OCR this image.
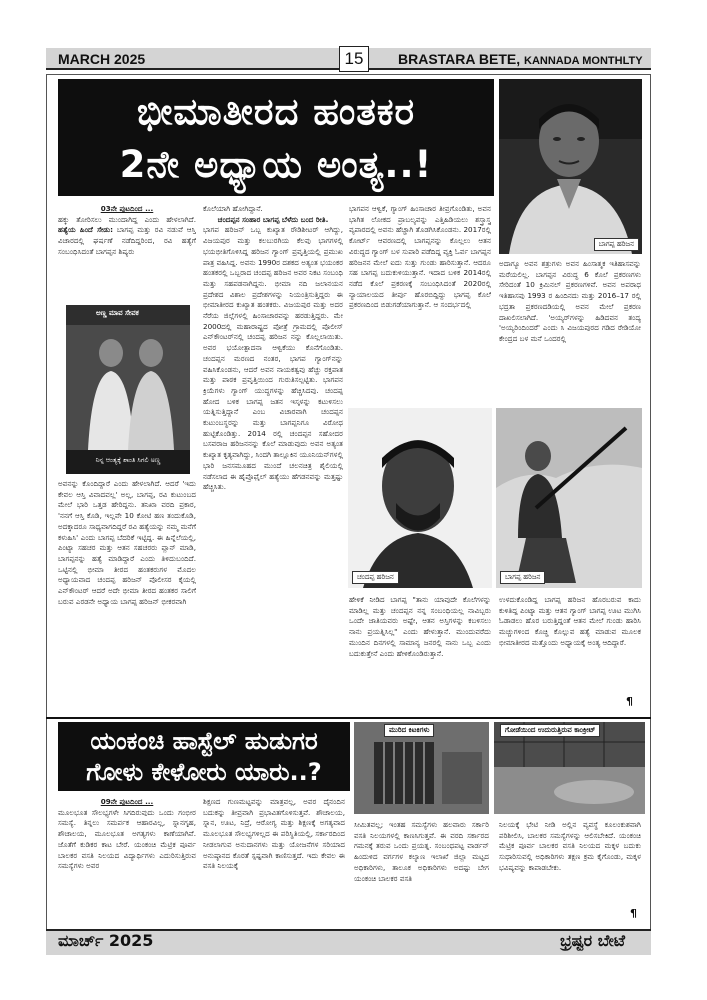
MARCH 2025	15	BRASTARA BETE, KANNADA MONTHLTY
ಭೀಮಾತೀರದ ಹಂತಕರ
2ನೇ ಅಧ್ಯಾಯ ಅಂತ್ಯ..!
ಬಾಗಪ್ಪ ಹರಿಜನ
03ನೇ ಪುಟದಿಂದ ...
ಹಕ್ಕು ತೋರಿಸಲು ಮುಂದಾಗಿದ್ದ ಎಂದು ಹೇಳಲಾಗಿದೆ. ಹತ್ಯೆಯ ಹಿಂದೆ ಸೇಡು: ಬಾಗಪ್ಪ ಮತ್ತು ರವಿ ನಡುವೆ ಆಸ್ತಿ ವಿಚಾರದಲ್ಲಿ ಘರ್ಷಣೆ ನಡೆದಿದ್ದರಿಂದ, ರವಿ ಹತ್ಯೆಗೆ ಸಂಬಂಧಿಸಿದಂತೆ ಬಾಗಪ್ಪನ ಶಿಷ್ಯರು
ಅಣ್ಣ ಮಾವ ಸೇವಕ
ನಿನ್ನ ಆಂತ್ಯಕ್ಕೆ ಶಾಂತಿ ಸಿಗಲಿ ಅಣ್ಣ
ಅವನನ್ನು ಕೊಂದಿದ್ದಾರೆ ಎಂದು ಹೇಳಲಾಗಿದೆ. ಆದರೆ 'ಇದು ಕೇವಲ ಆಸ್ತಿ ವಿವಾದವಲ್ಲ' ಅಲ್ಲ, ಬಾಗಪ್ಪ, ರವಿ ಕುಟುಂಬದ ಮೇಲೆ ಭಾರಿ ಒತ್ತಡ ಹೇರಿದ್ದನು. ತನಿಖಾ ವರದಿ ಪ್ರಕಾರ, 'ನನಗೆ ಆಸ್ತಿ ಕೊಡಿ, ಇಲ್ಲವೇ 10 ಕೋಟಿ ಹಣ ತಂದುಕೊಡಿ, ಅದಕ್ಕಾದರೂ ಸಾಧ್ಯವಾಗದಿದ್ದರೆ ರವಿ ಹತ್ಯೆಯನ್ನು ನಮ್ಮ ಮನೆಗೆ ಕಳುಹಿಸಿ' ಎಂದು ಬಾಗಪ್ಪ ಬೆದರಿಕೆ ಇಟ್ಟಿದ್ದ. ಈ ಹಿನ್ನೆಲೆಯಲ್ಲಿ, ಪಿಂಟ್ಯಾ ಸಹಚರ ಮತ್ತು ಆತನ ಸಹಚರರು ಪ್ಲಾನ್ ಮಾಡಿ, ಬಾಗಪ್ಪನನ್ನು ಹತ್ಯೆ ಮಾಡಿದ್ದಾರೆ ಎಂದು ತಿಳಿದುಬಂದಿದೆ. ಒಟ್ಟಿನಲ್ಲಿ ಭೀಮಾ ತೀರದ ಹಂತಕರುಗಳ ಮೊದಲ ಅಧ್ಯಾಯವಾದ ಚಂದಪ್ಪ ಹರಿಜನ್ ಪೊಲೀಸರ ಕೈಯಲ್ಲಿ ಎನ್‌ಕೌಂಟರ್ ಆದರೆ ಅದೇ ಭೀಮಾ ತೀರದ ಹಂತಕರ ಸಾಲಿಗೆ ಬರುವ ಎರಡನೇ ಅಧ್ಯಾಯ ಬಾಗಪ್ಪ ಹರಿಜನ್ ಭೀಕರವಾಗಿ
ಕೊಲೆಯಾಗಿ ಹೋಗಿದ್ದಾನೆ.

ಚಂದಪ್ಪನ ಸಂಹಾರ ಬಾಗಪ್ಪ ಬೆಳೆದು ಬಂದ ರೀತಿ.
ಭಾಗಪ ಹರಿಜನ್ ಒಬ್ಬ ಕುಖ್ಯಾತ ರೌಡಿಶೀಟರ್ ಆಗಿದ್ದು, ವಿಜಯಪುರ ಮತ್ತು ಕಲಬುರಗಿಯ ಕೆಲವು ಭಾಗಗಳಲ್ಲಿ ಭಯಭೀತಿಗೊಳಿಸಿದ್ದ ಹರಿಜನ ಗ್ಯಾಂಗ್ ಪ್ರವೃತ್ತಿಯಲ್ಲಿ ಪ್ರಮುಖ ಪಾತ್ರ ವಹಿಸಿದ್ದ. ಅವನು 1990ರ ದಶಕದ ಅತ್ಯಂತ ಭಯಂಕರ ಹಂತಕರಲ್ಲಿ ಒಬ್ಬರಾದ ಚಂದಪ್ಪ ಹರಿಜನ ಅವರ ನಿಕಟ ಸಂಬಂಧಿ ಮತ್ತು ಸಹಪಡನಾಗಿದ್ದನು. ಭೀಮಾ ನದಿ ಜಲಾನಯನ ಪ್ರದೇಶದ ವಿಶಾಲ ಪ್ರದೇಶಗಳನ್ನು ನಿಯಂತ್ರಿಸುತ್ತಿದ್ದರು ಈ ಭೀಮಾತೀರದ ಕುಖ್ಯಾತ ಹಂತಕರು. ವಿಜಯಪುರ ಮತ್ತು ಅದರ ನೆರೆಯ ಜಿಲ್ಲೆಗಳಲ್ಲಿ ಹಿಂಸಾಚಾರವನ್ನು ಹರಡುತ್ತಿದ್ದರು. ಮೇ 2000ದಲ್ಲಿ ಮಹಾರಾಷ್ಟ್ರದ ಪೋತ್ರೆ ಗ್ರಾಮದಲ್ಲಿ ಪೊಲೀಸ್ ಎನ್‌ಕೌಂಟರ್‌ನಲ್ಲಿ ಚಂದಪ್ಪ ಹರಿಜನ ನನ್ನು ಕೊಲ್ಲಲಾಯಿತು. ಅವರ ಭಯೋತ್ಪಾದನಾ ಆಳ್ವಿಕೆಯು ಕೊನೆಗೊಂಡಿತು. ಚಂದಪ್ಪನ ಮರಣದ ನಂತರ, ಭಾಗಪ ಗ್ಯಾಂಗ್‌ನನ್ನು ವಹಿಸಿಕೊಂಡನು, ಆದರೆ ಅವನ ನಾಯಕತ್ವವು ಹೆಚ್ಚು ರಕ್ತಪಾತ ಮತ್ತು ಪಾಠಕ ಪ್ರವೃತ್ತಿಯಿಂದ ಗುರುತಿಸಲ್ಪಟ್ಟಿತು. ಭಾಗಪನ ಕ್ರಿಯೆಗಳು ಗ್ಯಾಂಗ್ ಯುದ್ಧಗಳನ್ನು ಹೆಚ್ಚಿಸಿದವು. ಚಂದಪ್ಪ ಹೋದ ಬಳಿಕ ಬಾಗಪ್ಪ ಜತನ ಇಸ್ಕಳನ್ನು ಕಟುಳಿಸಲು ಯತ್ನಿಸುತ್ತಿದ್ದಾನೆ ಎಂಬ ವಿಚಾರವಾಗಿ ಚಂದಪ್ಪನ ಕುಟುಂಬಸ್ಥರನ್ನು ಮತ್ತು ಬಾಗಪ್ಪನಿಗೂ ವಿರೋಧ ಹುಟ್ಟಿಕೊಂಡಿತ್ತು. 2014 ರಲ್ಲಿ ಚಂದಪ್ಪನ ಸಹೋದರ ಬಸವರಾಜ ಹರಿಜನನನ್ನು ಕೊಲೆ ಮಾಡುವುದು ಅವನ ಅತ್ಯಂತ ಕುಖ್ಯಾತ ಕೃತ್ಯವಾಗಿದ್ದು, ಸಿಂದಗಿ ತಾಲ್ಲೂಕಿನ ಯೂನಿಯನ್‌ಗಳಲ್ಲಿ ಭಾರಿ ಜನಸಮೂಹದ ಮುಂದೆ ಚಲನಚಿತ್ರ ಶೈಲಿಯಲ್ಲಿ ನಡೆಸಲಾದ ಈ ಹೈಪ್ರೊಫೈಲ್ ಹತ್ಯೆಯು ಹೆಗಡನವನ್ನು ಮತ್ತಷ್ಟು ಹೆಚ್ಚಿಸಿತು.
ಭಾಗಪನ ಆಳ್ವಿಕೆ, ಗ್ಯಾಂಗ್ ಹಿಂಸಾಚಾರ ತೀವ್ರಗೊಂಡಿತು, ಅವನ ಭಾಗಿತ ಲೋಕದ ಪ್ರಾಬಲ್ಯವನ್ನು ಎತ್ತಿಹಿಡಿಯಲು ಶಸ್ತ್ರಾಸ್ತ್ರ ವ್ಯಪಾರದಲ್ಲಿ ಅವನು ಹೆಚ್ಚಾಗಿ ತೊಡಗಿಸಿಕೊಂಡನು. 2017ರಲ್ಲಿ ಕೋರ್ಟ್ ಆವರಣದಲ್ಲಿ ಬಾಗಪ್ಪನನ್ನು ಕೊಲ್ಲಲು ಆತನ ವಿರುದ್ಧದ ಗ್ಯಾಂಗ್ ಬಳ ಸುಪಾರಿ ಪಡೆದಿದ್ದ ವ್ಯಕ್ತಿ ಓರ್ವ ಬಾಗಪ್ಪನ ಹರಿಜನನ ಮೇಲೆ ಐದು ಸುತ್ತು ಗುಂಡು ಹಾರಿಸುತ್ತಾನೆ. ಆದರೂ ಸಹ ಬಾಗಪ್ಪ ಬದುಕುಳಿಯುತ್ತಾನೆ. ಇದಾದ ಬಳಿಕ 2014ರಲ್ಲಿ ನಡೆದ ಕೊಲೆ ಪ್ರಕರಣಕ್ಕೆ ಸಂಬಂಧಿಸಿದಂತೆ 2020ರಲ್ಲಿ ನ್ಯಾಯಾಲಯದ ತೀರ್ಪು ಹೊರಬಿದ್ದಿದ್ದು ಭಾಗಪ್ಪ ಕೊಲೆ ಪ್ರಕರಣದಿಂದ ಬಿಡುಗಡೆಯಾಗುತ್ತಾನೆ. ಆ ಸಂದರ್ಭದಲ್ಲಿ
ಅದಾಗ್ಯೂ ಅವನ ಶತ್ರುಗಳು ಅವನ ಹಿಂಸಾತ್ಮಕ ಇತಿಹಾಸವನ್ನು ಮರೆಯಲಿಲ್ಲ. ಬಾಗಪ್ಪನ ವಿರುದ್ಧ 6 ಕೊಲೆ ಪ್ರಕರಣಗಳು ಸೇರಿದಂತೆ 10 ಕ್ರಿಮಿನಲ್ ಪ್ರಕರಣಗಳಿವೆ. ಅವನ ಅಪರಾಧ ಇತಿಹಾಸವು 1993 ರ ಹಿಂದಿನದು ಮತ್ತು 2016–17 ರಲ್ಲಿ ಭದ್ರತಾ ಪ್ರಕರಣದಡಿಯಲ್ಲಿ ಅವನ ಮೇಲೆ ಪ್ರಕರಣ ದಾಖಲಿಸಲಾಗಿದೆ. 'ಅಯ್ಯರ್‌ಗಳನ್ನು ಹಿಡಿದವನ ತಂದ್ಯ 'ಅಯ್ಯರಿಂದಿಂದರೆ' ಎಂದು ಸಿ ವಿಜಯಪುರದ ಗಡಿದ ರೇಡಿಯೋ ಕೇಂದ್ರದ ಬಳ ಮನೆ ಒಂದರಲ್ಲಿ
ಚಂದಪ್ಪ ಹರಿಜನ	ಬಾಗಪ್ಪ ಹರಿಜನ
ಹೇಳಿಕೆ ನೀಡಿದ ಬಾಗಪ್ಪ "ತಾನು ಯಾವುದೇ ಕೊಲೆಗಳನ್ನು ಮಾಡಿಲ್ಲ ಮತ್ತು ಚಂದಪ್ಪನ ನನ್ನ ಸಂಬಂಧಿಯಲ್ಲ ನಾವಿಬ್ಬರು ಒಂದೇ ಜಾತಿಯವರು ಅಷ್ಟೇ, ಆತನ ಅಸ್ತಿಗಳನ್ನು ಕಬಳಿಸಲು ನಾನು ಪ್ರಯತ್ನಿಸಿಲ್ಲ" ಎಂದು ಹೇಳುತ್ತಾನೆ. ಮುಂದುವರೆದು ಮುಂದಿನ ದಿನಗಳಲ್ಲಿ ಸಾಮಾನ್ಯ ಜನರಲ್ಲಿ ನಾನು ಒಬ್ಬ ಎಂದು ಬದುಕುತ್ತೇನೆ ಎಂದು ಹೇಳಿಕೊಂಡಿರುತ್ತಾನೆ.
ಉಳದುಕೊಂಡಿದ್ದ ಬಾಗಪ್ಪ ಹರಿಜನ ಹೊರಬರುವ ಕಾದು ಕುಳಿತಿದ್ದ ಪಿಂಟ್ಯಾ ಮತ್ತು ಆತನ ಗ್ಯಾಂಗ್ ಬಾಗಪ್ಪ ಊಟ ಮುಗಿಸಿ ಓಡಾಡಲು ಹೊರ ಬರುತ್ತಿದ್ದಂತೆ ಆತನ ಮೇಲೆ ಗುಂಡು ಹಾರಿಸಿ ಮಚ್ಚುಗಳಿಂದ ಕೊಚ್ಚಿ ಕೊಲ್ಲುವ ಹತ್ಯೆ ಮಾಡುವ ಮೂಲಕ ಭೀಮಾತೀರದ ಮತ್ತೊಂದು ಅಧ್ಯಾಯಕ್ಕೆ ಅಂತ್ಯ ಆದಿದ್ದಾರೆ.
¶
ಯಂಕಂಚಿ ಹಾಸ್ಟೆಲ್ ಹುಡುಗರ
ಗೋಳು ಕೇಳೋರು ಯಾರು..?
ಮುರಿದ ಕಿಟಕಿಗಳು	ಗೋಡೆಯಿಂದ ಉದುರುತ್ತಿರುವ ಕಾಂಕ್ರೀಟ್
09ನೇ ಪುಟದಿಂದ ...
ಮೂಲಭೂತ ಸೌಲಭ್ಯಗಳೇ ಸಿಗದಿರುವುದು ಒಂದು ಗಂಭೀರ ಸಮಸ್ಯೆ. ತಿನ್ನಲು ಸಮರ್ಪಕ ಆಹಾರವಿಲ್ಲ, ಸ್ನಾನಗೃಹ, ಶೌಚಾಲಯ, ಮೂಲಭೂತ ಅಗತ್ಯಗಳು ಕಾಣೆಯಾಗಿವೆ. ಜೊತೆಗೆ ಕುಡಿಕರ ಕಾಟ ಬೇರೆ. ಯಂಕಂಚಿ ಮೆಟ್ರಿಕ ಪೂರ್ವ ಬಾಲಕರ ವಸತಿ ನಿಲಯದ ವಿದ್ಯಾರ್ಥಿಗಳು ಎದುರಿಸುತ್ತಿರುವ ಸಮಸ್ಯೆಗಳು ಅವರ
ಶಿಕ್ಷಣದ ಗುಣಮಟ್ಟವನ್ನು ಮಾತ್ರವಲ್ಲ, ಅವರ ದೈನಂದಿನ ಬದುಕನ್ನು ತೀವ್ರವಾಗಿ ಪ್ರಭಾವಿತಗೊಳಿಸುತ್ತವೆ. ಶೌಚಾಲಯ, ಸ್ನಾನ, ಊಟ, ನಿದ್ರೆ, ಆರೋಗ್ಯ ಮತ್ತು ಶಿಕ್ಷಣಕ್ಕೆ ಅಗತ್ಯವಾದ ಮೂಲಭೂತ ಸೌಲಭ್ಯಗಳಿಲ್ಲದ ಈ ಪರಿಸ್ಥಿತಿಯಲ್ಲಿ, ಸರ್ಕಾರದಿಂದ ನೀಡಲಾಗುವ ಅನುದಾನಗಳು ಮತ್ತು ಯೋಜನೆಗಳ ಸರಿಯಾದ ಅನುಷ್ಠಾನದ ಕೊರತೆ ಸ್ಪಷ್ಟವಾಗಿ ಕಾಣಿಸುತ್ತದೆ. ಇದು ಕೇವಲ ಈ ವಸತಿ ನಿಲಯಕ್ಕೆ
ಸೀಮಿತವಲ್ಲ; ಇಂತಹ ಸಮಸ್ಯೆಗಳು ಹಲವಾರು ಸರ್ಕಾರಿ ವಸತಿ ನಿಲಯಗಳಲ್ಲಿ ಕಾಣಸಿಗುತ್ತವೆ. ಈ ವರದಿ ಸರ್ಕಾರದ ಗಮನಕ್ಕೆ ತರುವ ಒಂದು ಪ್ರಯತ್ನ. ಸಂಬಂಧಪಟ್ಟ ವಾರ್ಡನ್ ಹಿಂದುಳಿದ ವರ್ಗಗಳ ಕಲ್ಯಾಣ ಇಲಾಖೆ ಜಿಲ್ಲಾ ಮಟ್ಟದ ಅಧಿಕಾರಿಗಳು, ತಾಲೂಕ ಅಧಿಕಾರಿಗಳು ಅದಷ್ಟು ಬೇಗ ಯಂಕಂಚಿ ಬಾಲಕರ ವಸತಿ
ನಿಲಯಕ್ಕೆ ಭೇಟಿ ನೀಡಿ ಅಲ್ಲಿನ ವ್ಯವಸ್ಥೆ ಕೂಲಂಕುಶವಾಗಿ ಪರಿಶೀಲಿಸಿ, ಬಾಲಕರ ಸಮಸ್ಯೆಗಳನ್ನು ಆಲಿಸಬೇಕಿದೆ. ಯಂಕಂಚಿ ಮೆಟ್ರಿಕ ಪೂರ್ವ ಬಾಲಕರ ವಸತಿ ನಿಲಯದ ಮಕ್ಕಳ ಬದುಕು ಸುಧಾರಿಸುವಲ್ಲಿ ಅಧಿಕಾರಿಗಳು ತಕ್ಷಣ ಕ್ರಮ ಕೈಗೊಂಡು, ಮಕ್ಕಳ ಭವಿಷ್ಯವನ್ನು ಕಾಪಾಡಬೇಕು.
¶
ಮಾರ್ಚ್ 2025	ಭ್ರಷ್ಟರ ಬೇಟೆ
